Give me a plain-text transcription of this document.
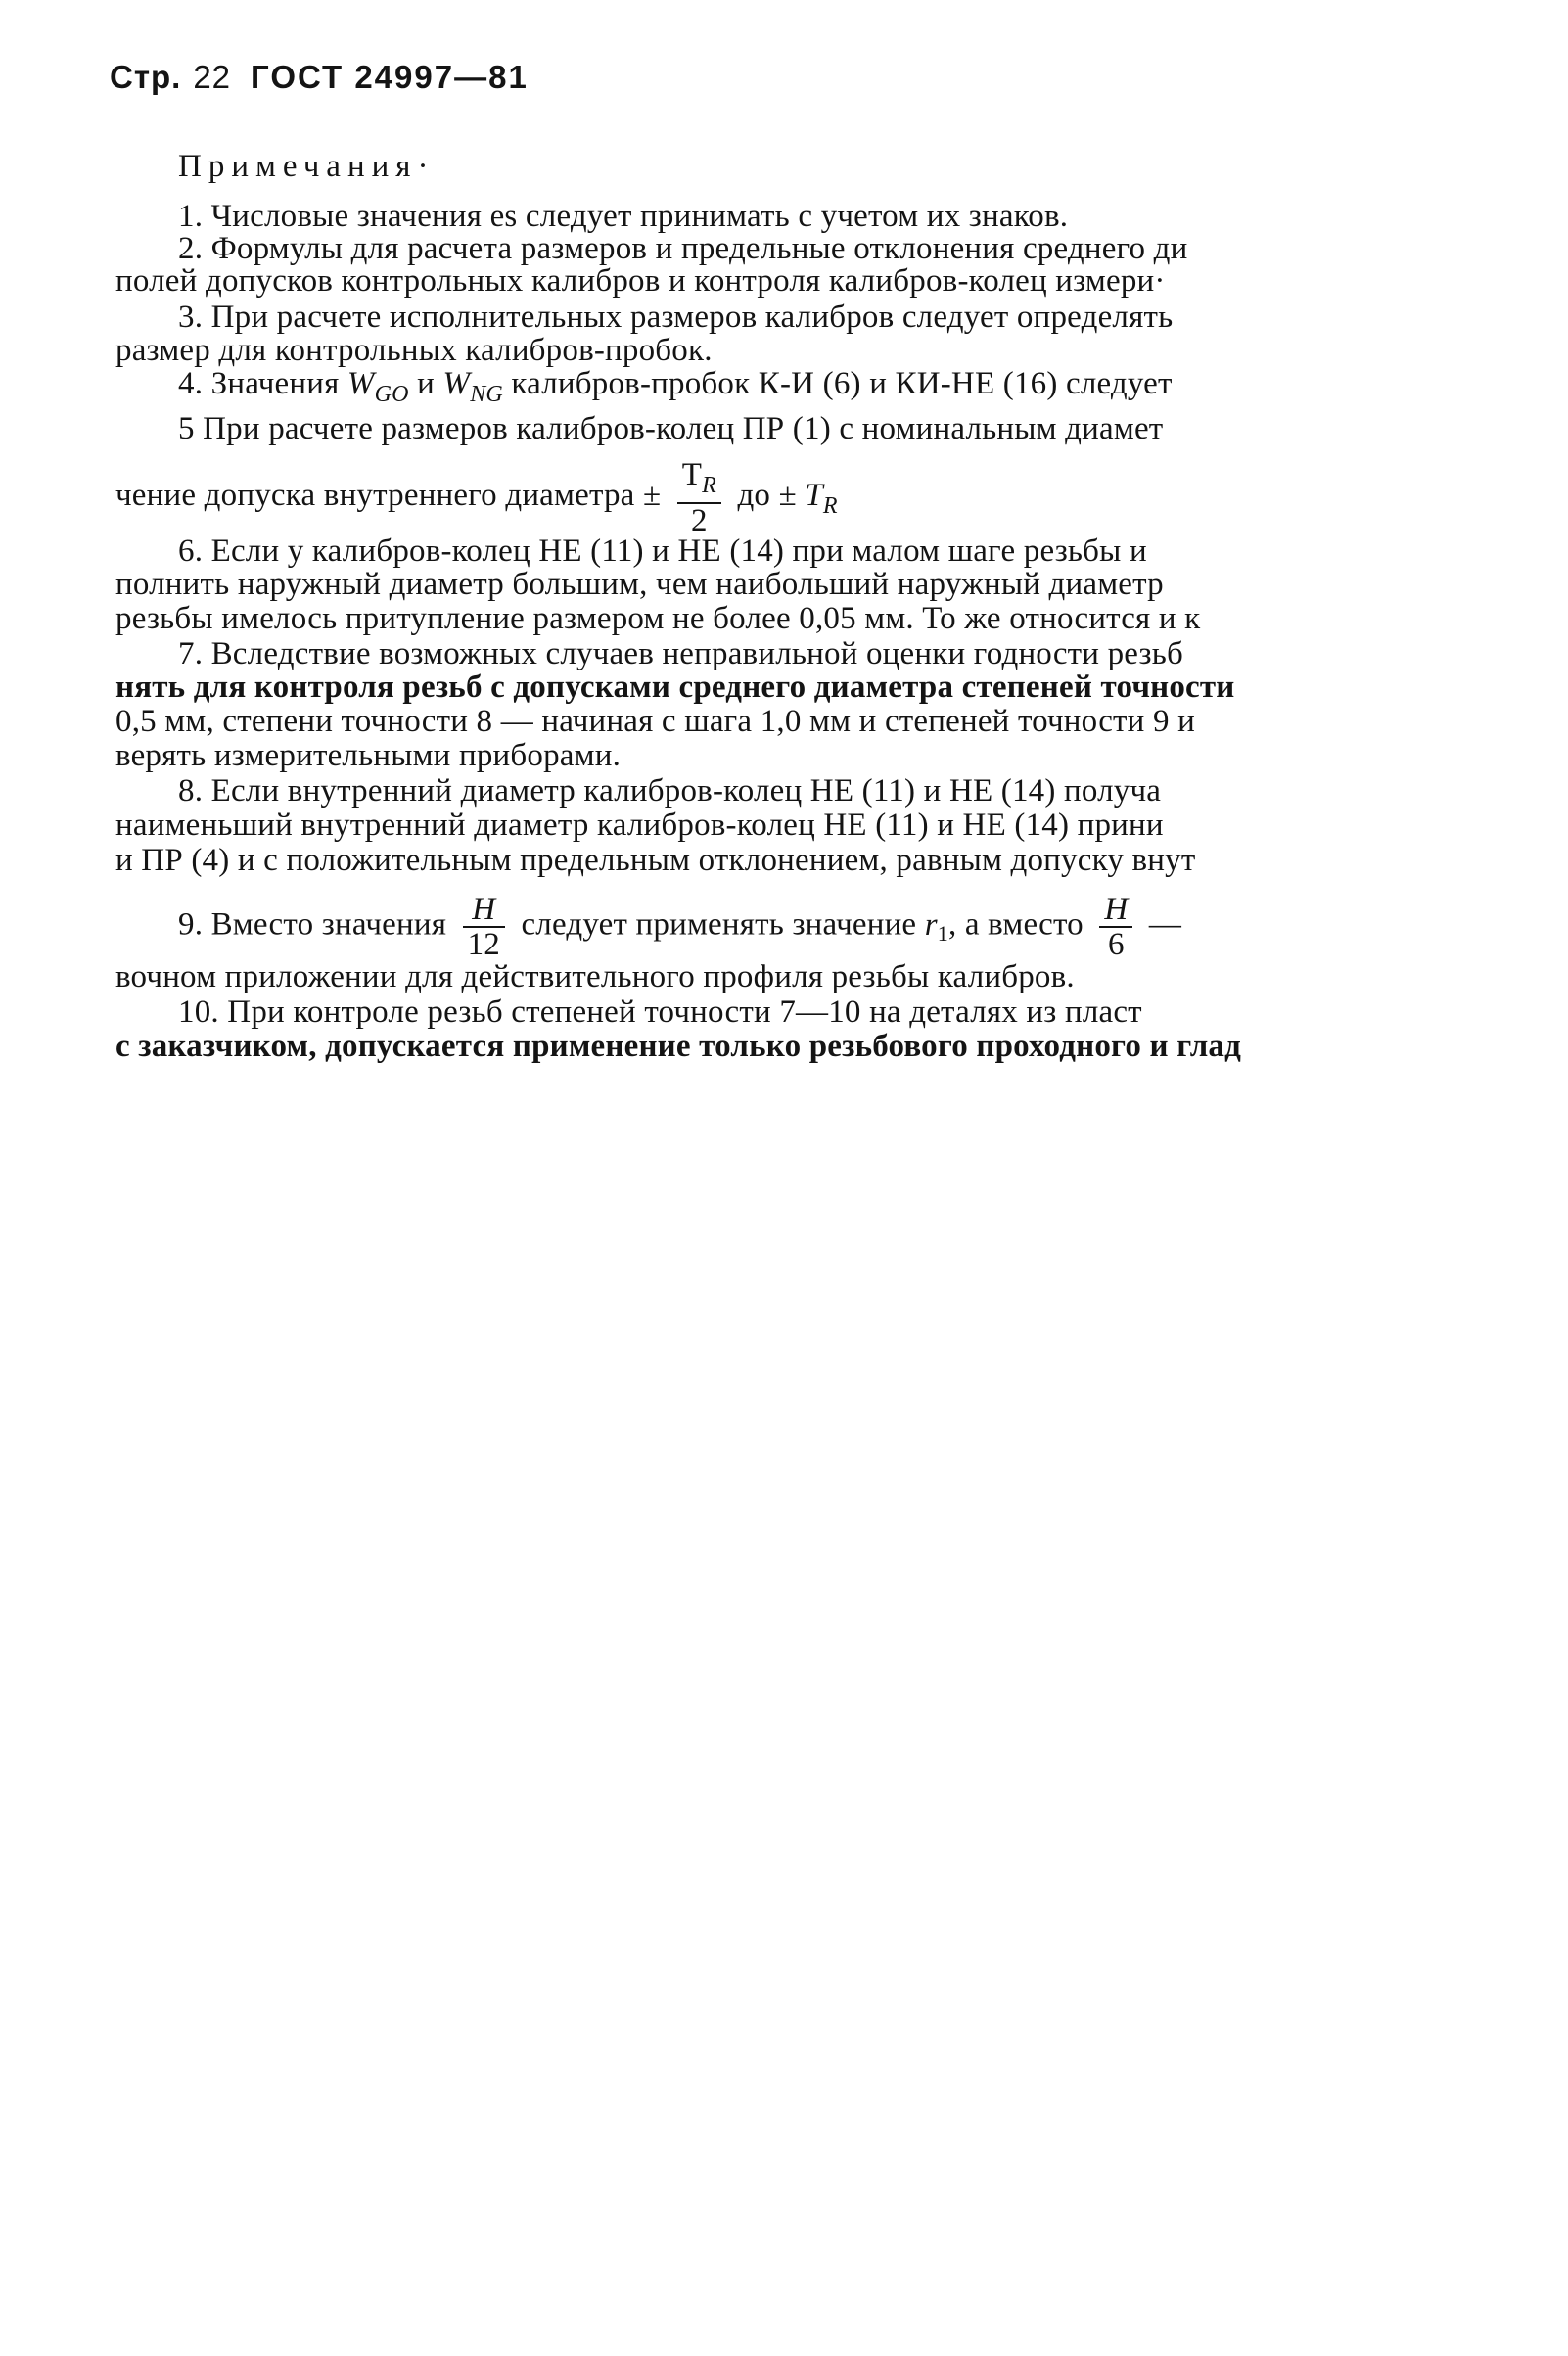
Стр. 22 ГОСТ 24997—81
Примечания·
1. Числовые значения es следует принимать с учетом их знаков.
2. Формулы для расчета размеров и предельные отклонения среднего ди
полей допусков контрольных калибров и контроля калибров-колец измери·
3. При расчете исполнительных размеров калибров следует определять
размер для контрольных калибров-пробок.
4. Значения $W_{GO}$ и $W_{NG}$ калибров-пробок К-И (6) и КИ-НЕ (16) следует
5 При расчете размеров калибров-колец ПР (1) с номинальным диамет
чение допуска внутреннего диаметра ± $\frac{T_R}{2}$ до ± $T_R$
6. Если у калибров-колец НЕ (11) и НЕ (14) при малом шаге резьбы и
полнить наружный диаметр большим, чем наибольший наружный диаметр
резьбы имелось притупление размером не более 0,05 мм. То же относится и к
7. Вследствие возможных случаев неправильной оценки годности резьб
нять для контроля резьб с допусками среднего диаметра степеней точности
0,5 мм, степени точности 8 — начиная с шага 1,0 мм и степеней точности 9 и
верять измерительными приборами.
8. Если внутренний диаметр калибров-колец НЕ (11) и НЕ (14) получа
наименьший внутренний диаметр калибров-колец НЕ (11) и НЕ (14) прини
и ПР (4) и с положительным предельным отклонением, равным допуску внут
9. Вместо значения $\frac{H}{12}$ следует применять значение r1, а вместо $\frac{H}{6}$ —
вочном приложении для действительного профиля резьбы калибров.
10. При контроле резьб степеней точности 7—10 на деталях из пласт
с заказчиком, допускается применение только резьбового проходного и глад
